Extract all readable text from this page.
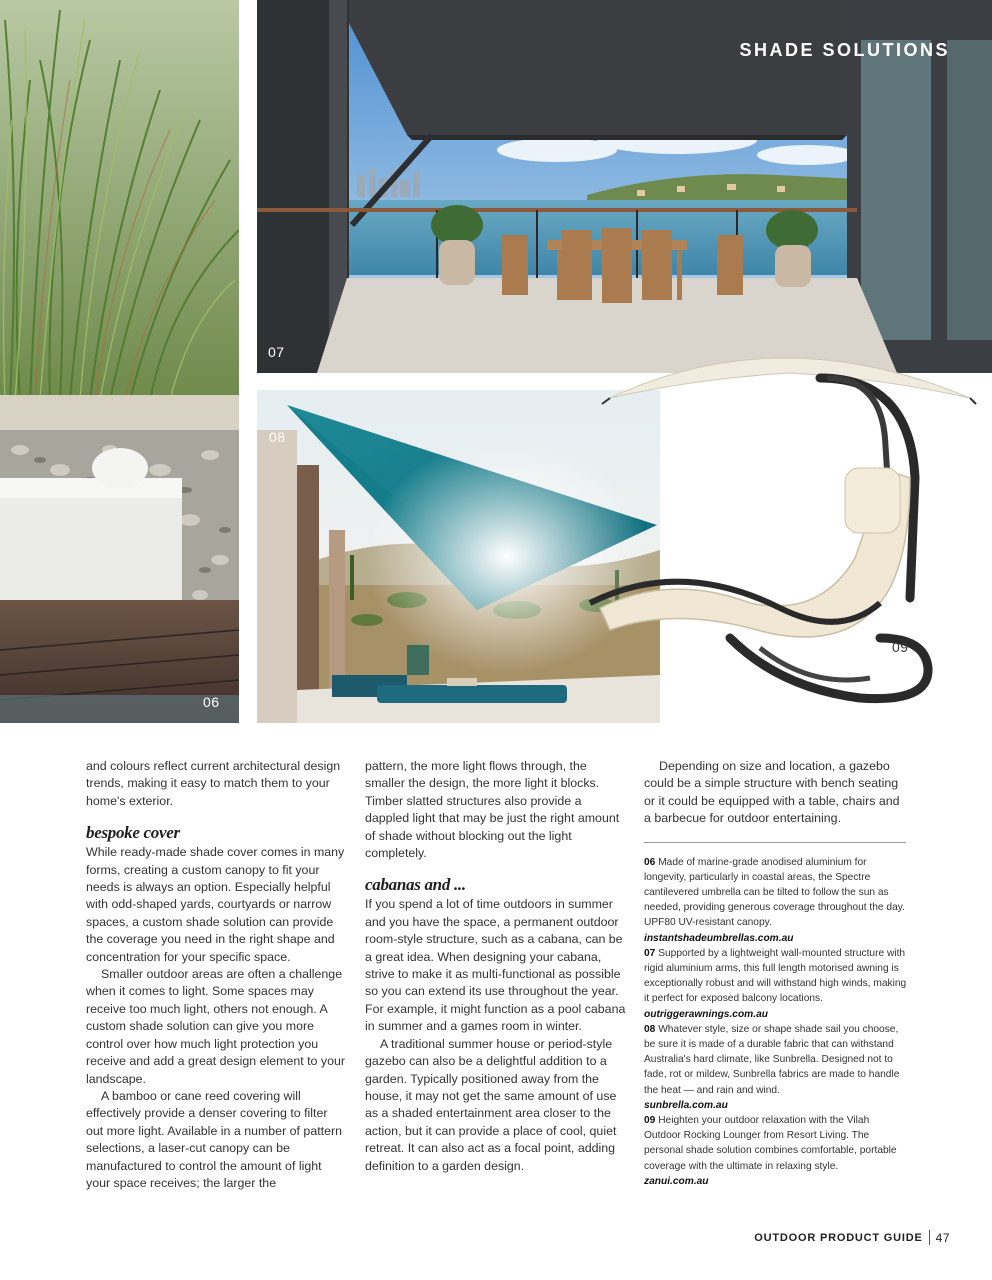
06
SHADE SOLUTIONS
07
08
09

and colours reflect current architectural design trends, making it easy to match them to your home's exterior.

bespoke cover

While ready-made shade cover comes in many forms, creating a custom canopy to fit your needs is always an option. Especially helpful with odd-shaped yards, courtyards or narrow spaces, a custom shade solution can provide the coverage you need in the right shape and concentration for your specific space.

Smaller outdoor areas are often a challenge when it comes to light. Some spaces may receive too much light, others not enough. A custom shade solution can give you more control over how much light protection you receive and add a great design element to your landscape.

A bamboo or cane reed covering will effectively provide a denser covering to filter out more light. Available in a number of pattern selections, a laser-cut canopy can be manufactured to control the amount of light your space receives; the larger the

pattern, the more light flows through, the smaller the design, the more light it blocks. Timber slatted structures also provide a dappled light that may be just the right amount of shade without blocking out the light completely.

cabanas and ...

If you spend a lot of time outdoors in summer and you have the space, a permanent outdoor room-style structure, such as a cabana, can be a great idea. When designing your cabana, strive to make it as multi-functional as possible so you can extend its use throughout the year. For example, it might function as a pool cabana in summer and a games room in winter.

A traditional summer house or period-style gazebo can also be a delightful addition to a garden. Typically positioned away from the house, it may not get the same amount of use as a shaded entertainment area closer to the action, but it can provide a place of cool, quiet retreat. It can also act as a focal point, adding definition to a garden design.

Depending on size and location, a gazebo could be a simple structure with bench seating or it could be equipped with a table, chairs and a barbecue for outdoor entertaining.

06 Made of marine-grade anodised aluminium for longevity, particularly in coastal areas, the Spectre cantilevered umbrella can be tilted to follow the sun as needed, providing generous coverage throughout the day. UPF80 UV-resistant canopy.
instantshadeumbrellas.com.au
07 Supported by a lightweight wall-mounted structure with rigid aluminium arms, this full length motorised awning is exceptionally robust and will withstand high winds, making it perfect for exposed balcony locations. outriggerawnings.com.au
08 Whatever style, size or shape shade sail you choose, be sure it is made of a durable fabric that can withstand Australia's hard climate, like Sunbrella. Designed not to fade, rot or mildew, Sunbrella fabrics are made to handle the heat — and rain and wind.
sunbrella.com.au
09 Heighten your outdoor relaxation with the Vilah Outdoor Rocking Lounger from Resort Living. The personal shade solution combines comfortable, portable coverage with the ultimate in relaxing style.
zanui.com.au
OUTDOOR PRODUCT GUIDE 47
